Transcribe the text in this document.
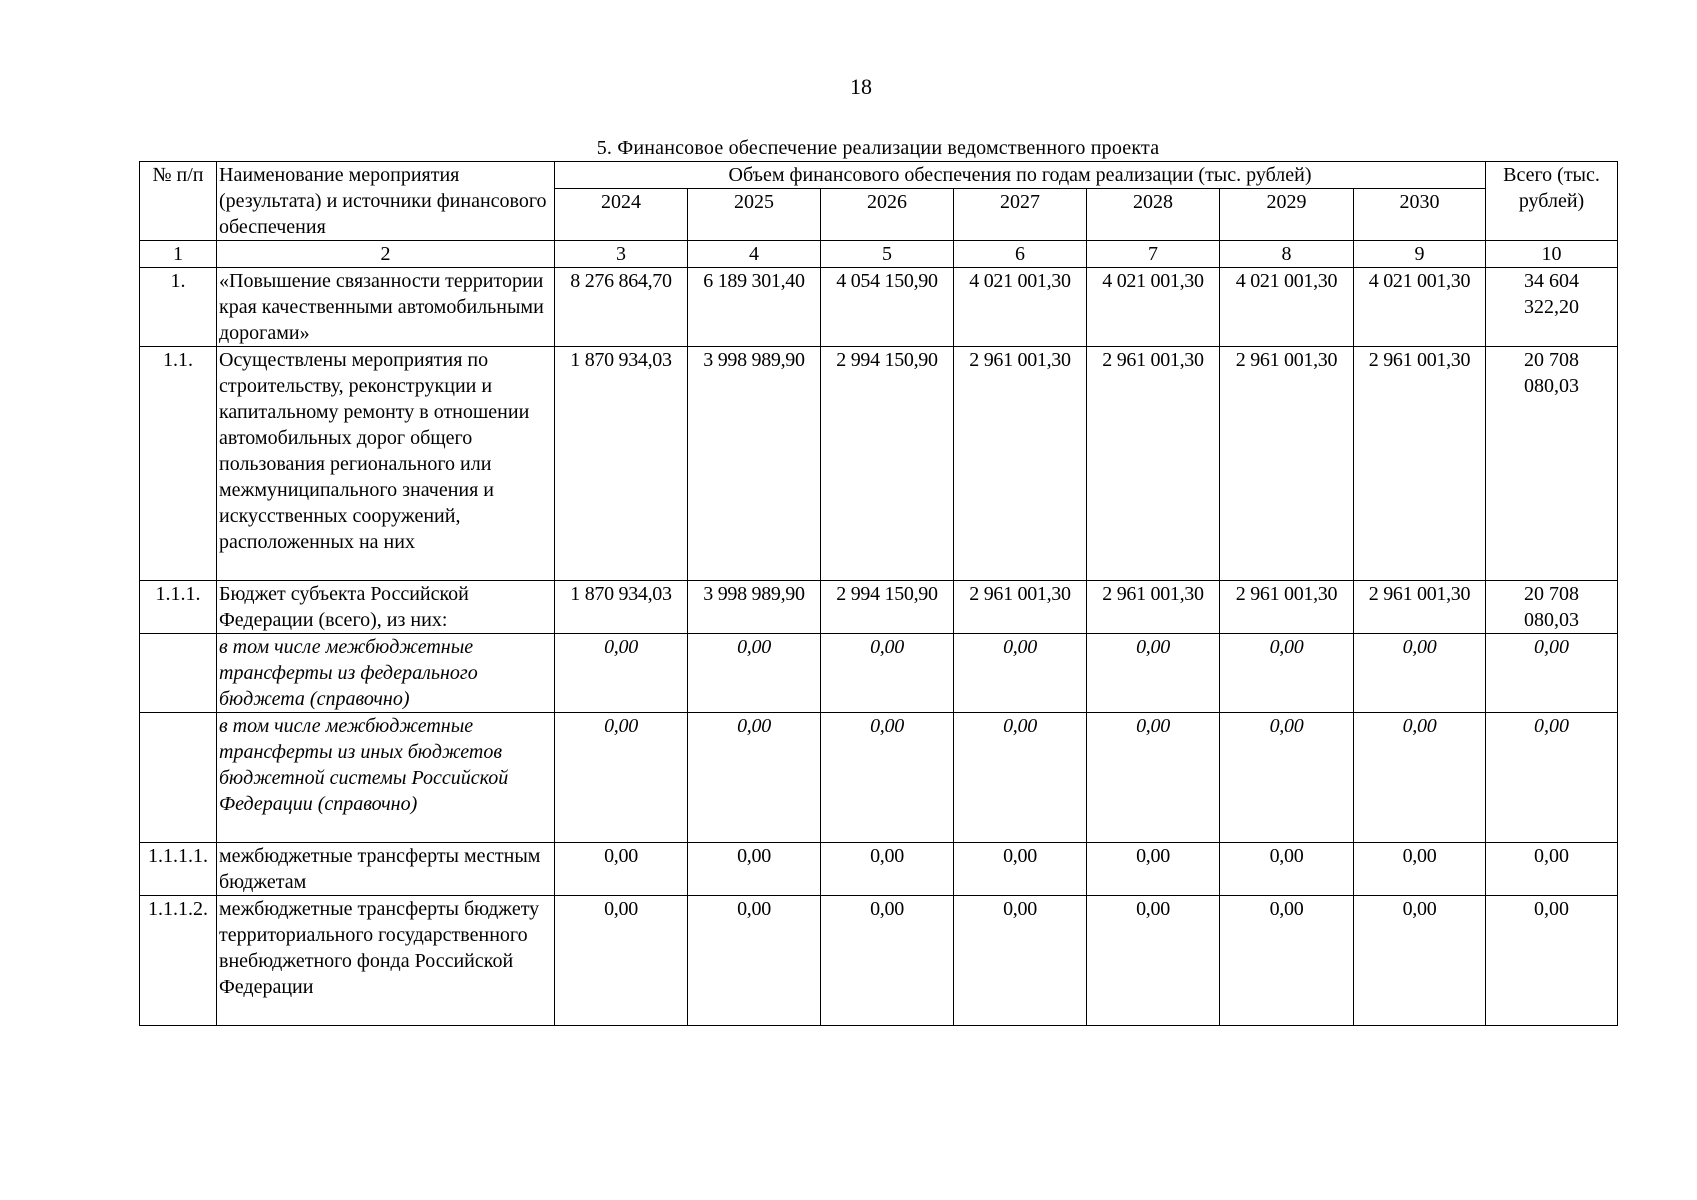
18
5. Финансовое обеспечение реализации ведомственного проекта
№ п/п	Наименование мероприятия (результата) и источники финансового обеспечения	Объем финансового обеспечения по годам реализации (тыс. рублей)							Всего (тыс. рублей)
		2024	2025	2026	2027	2028	2029	2030	
1	2	3	4	5	6	7	8	9	10
1.	«Повышение связанности территории края качественными автомобильными дорогами»	8 276 864,70	6 189 301,40	4 054 150,90	4 021 001,30	4 021 001,30	4 021 001,30	4 021 001,30	34 604 322,20
1.1.	Осуществлены мероприятия по строительству, реконструкции и капитальному ремонту в отношении автомобильных дорог общего пользования регионального или межмуниципального значения и искусственных сооружений, расположенных на них	1 870 934,03	3 998 989,90	2 994 150,90	2 961 001,30	2 961 001,30	2 961 001,30	2 961 001,30	20 708 080,03
1.1.1.	Бюджет субъекта Российской Федерации (всего), из них:	1 870 934,03	3 998 989,90	2 994 150,90	2 961 001,30	2 961 001,30	2 961 001,30	2 961 001,30	20 708 080,03
	в том числе межбюджетные трансферты из федерального бюджета (справочно)	0,00	0,00	0,00	0,00	0,00	0,00	0,00	0,00
	в том числе межбюджетные трансферты из иных бюджетов бюджетной системы Российской Федерации (справочно)	0,00	0,00	0,00	0,00	0,00	0,00	0,00	0,00
1.1.1.1.	межбюджетные трансферты местным бюджетам	0,00	0,00	0,00	0,00	0,00	0,00	0,00	0,00
1.1.1.2.	межбюджетные трансферты бюджету территориального государственного внебюджетного фонда Российской Федерации	0,00	0,00	0,00	0,00	0,00	0,00	0,00	0,00
